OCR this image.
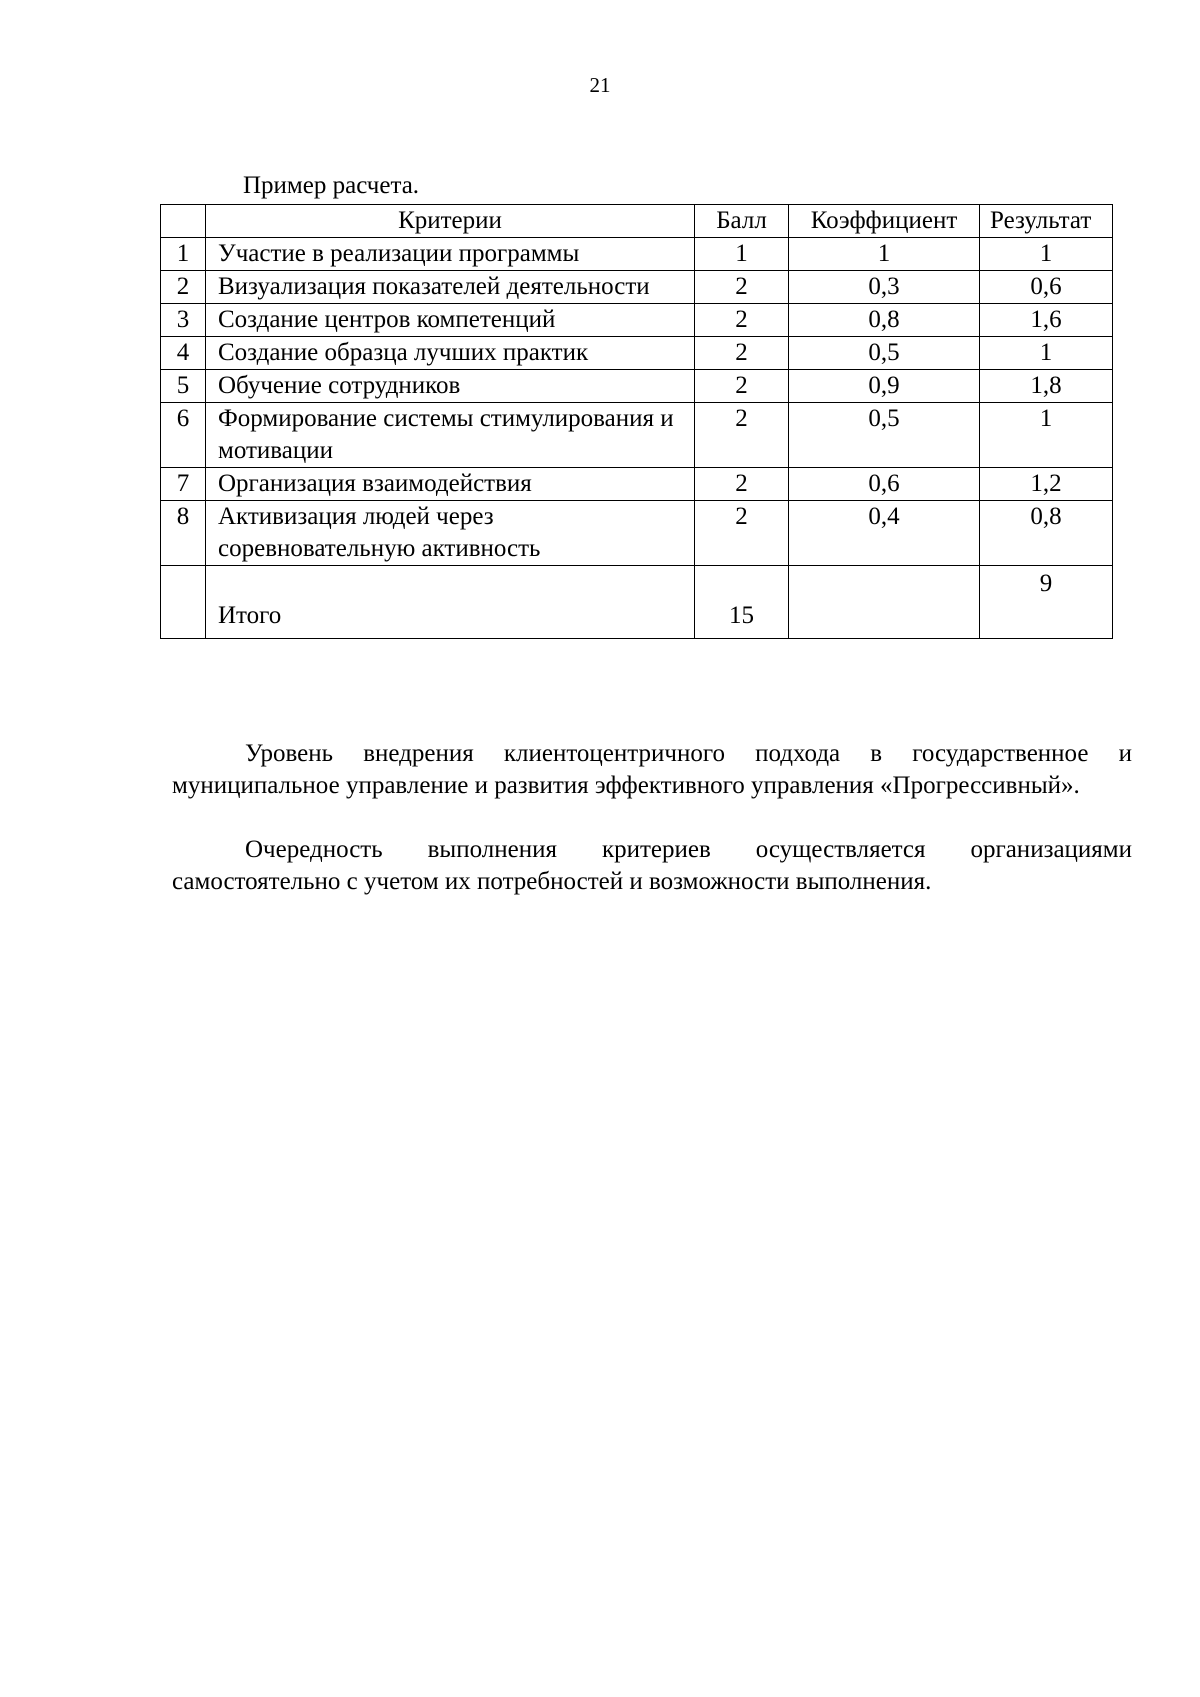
21
Пример расчета.
	Критерии	Балл	Коэффициент	Результат
1	Участие в реализации программы	1	1	1
2	Визуализация показателей деятельности	2	0,3	0,6
3	Создание центров компетенций	2	0,8	1,6
4	Создание образца лучших практик	2	0,5	1
5	Обучение сотрудников	2	0,9	1,8
6	Формирование системы стимулирования и мотивации	2	0,5	1
7	Организация взаимодействия	2	0,6	1,2
8	Активизация людей через соревновательную активность	2	0,4	0,8
	Итого	15		9

Уровень внедрения клиентоцентричного подхода в государственное и муниципальное управление и развития эффективного управления «Прогрессивный».

Очередность выполнения критериев осуществляется организациями самостоятельно с учетом их потребностей и возможности выполнения.
